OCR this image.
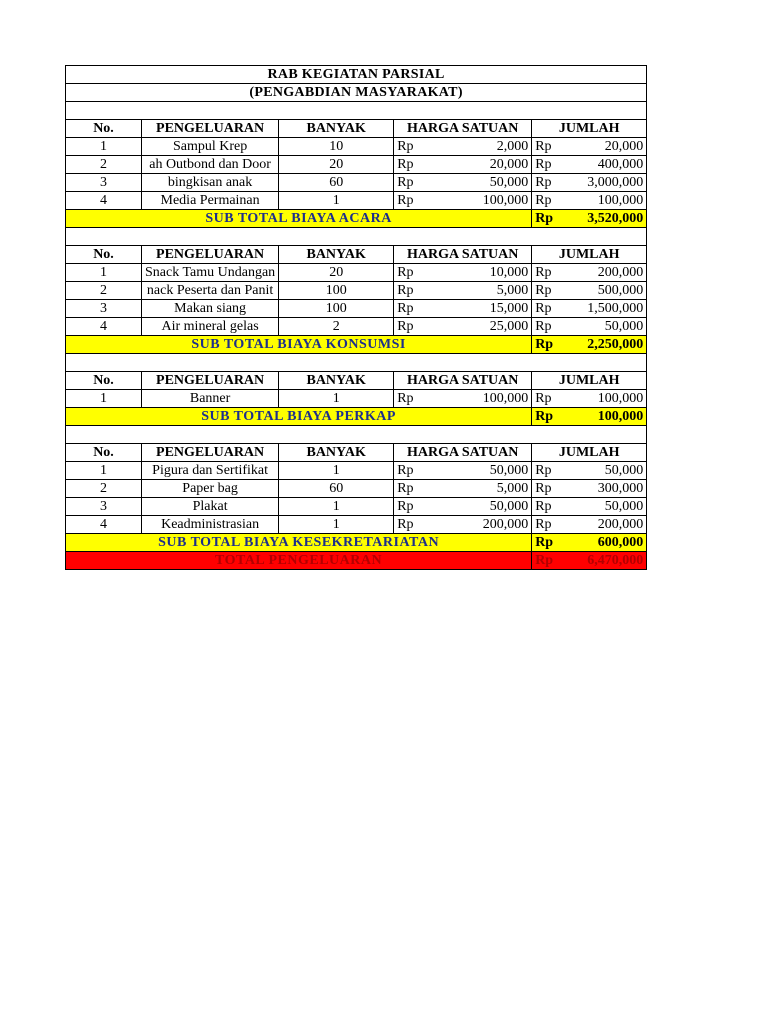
RAB KEGIATAN PARSIAL				
(PENGABDIAN MASYARAKAT)				

No.	PENGELUARAN	BANYAK	HARGA SATUAN	JUMLAH
1	Sampul Krep	10	Rp 2,000	Rp 20,000

2	ah Outbond dan Door	20	Rp 20,000	Rp 400,000

3	bingkisan anak	60	Rp 50,000	Rp 3,000,000

4	Media Permainan	1	Rp 100,000	Rp 100,000

SUB TOTAL BIAYA ACARA				Rp 3,520,000

No.	PENGELUARAN	BANYAK	HARGA SATUAN	JUMLAH
1	Snack Tamu Undangan	20	Rp 10,000	Rp 200,000

2	nack Peserta dan Panit	100	Rp 5,000	Rp 500,000

3	Makan siang	100	Rp 15,000	Rp 1,500,000

4	Air mineral gelas	2	Rp 25,000	Rp 50,000

SUB TOTAL BIAYA KONSUMSI				Rp 2,250,000

No.	PENGELUARAN	BANYAK	HARGA SATUAN	JUMLAH
1	Banner	1	Rp 100,000	Rp 100,000

SUB TOTAL BIAYA PERKAP				Rp 100,000

No.	PENGELUARAN	BANYAK	HARGA SATUAN	JUMLAH
1	Pigura dan Sertifikat	1	Rp 50,000	Rp 50,000

2	Paper bag	60	Rp 5,000	Rp 300,000

3	Plakat	1	Rp 50,000	Rp 50,000

4	Keadministrasian	1	Rp 200,000	Rp 200,000

SUB TOTAL BIAYA KESEKRETARIATAN				Rp 600,000

TOTAL PENGELUARAN				Rp 6,470,000
